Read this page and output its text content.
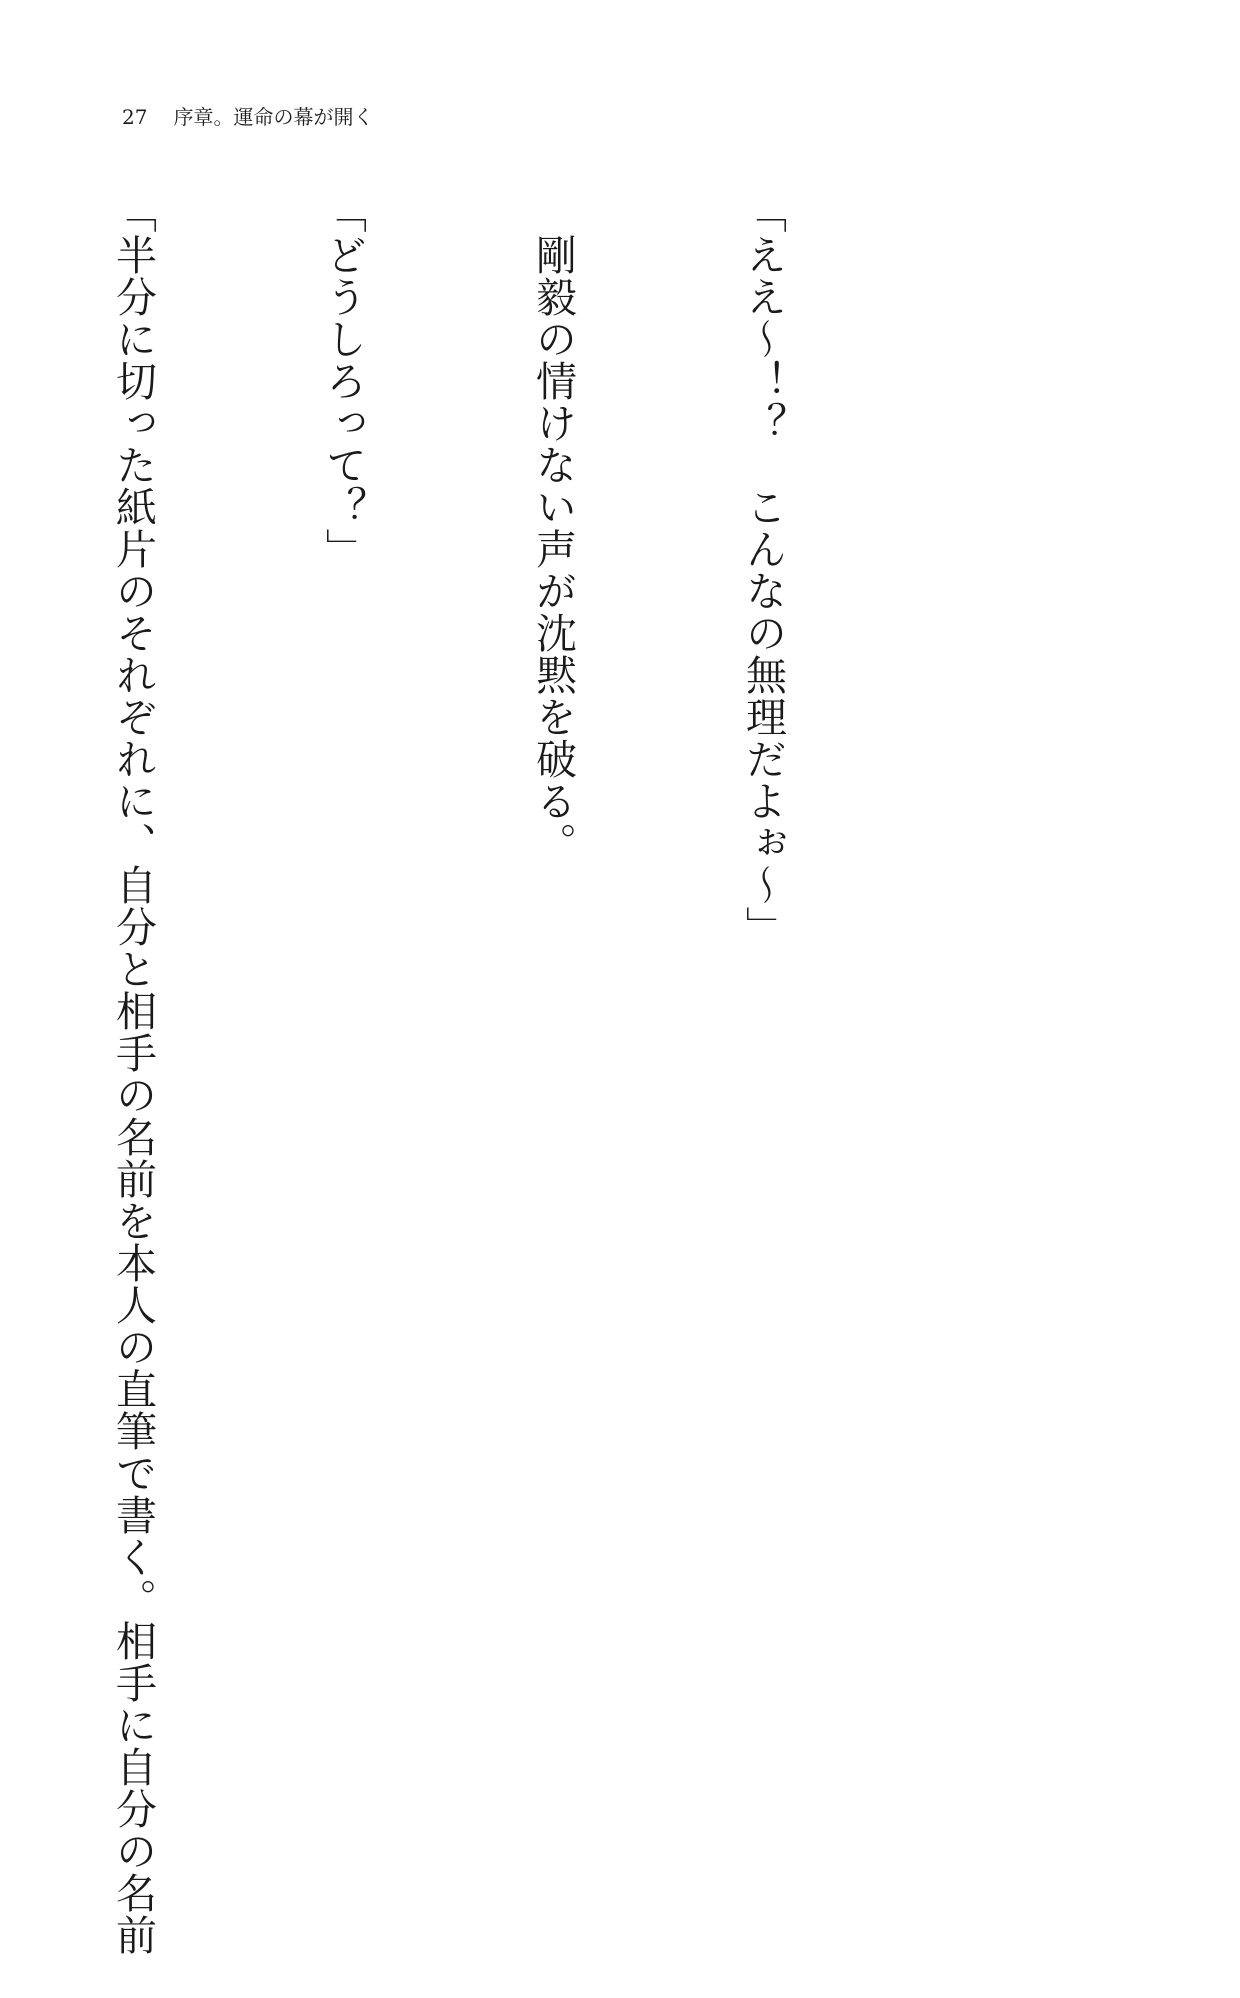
27 序章。運命の幕が開く

「ええ～！？　こんなの無理だよぉ～」

　剛毅の情けない声が沈黙を破る。

「どうしろって？」

「半分に切った紙片のそれぞれに、自分と相手の名前を本人の直筆で書く。相手に自分の名前
